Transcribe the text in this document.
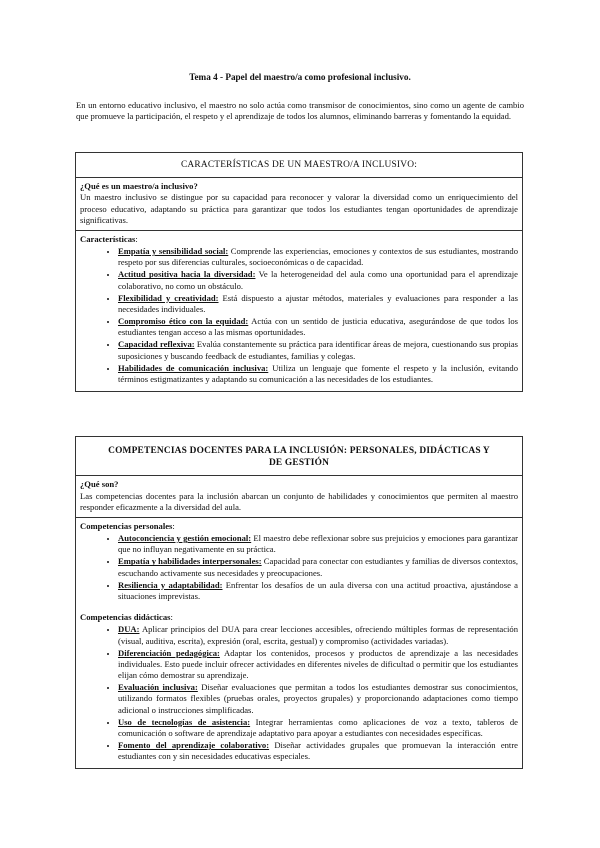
Tema 4 - Papel del maestro/a como profesional inclusivo.
En un entorno educativo inclusivo, el maestro no solo actúa como transmisor de conocimientos, sino como un agente de cambio que promueve la participación, el respeto y el aprendizaje de todos los alumnos, eliminando barreras y fomentando la equidad.
CARACTERÍSTICAS DE UN MAESTRO/A INCLUSIVO:
¿Qué es un maestro/a inclusivo?
Un maestro inclusivo se distingue por su capacidad para reconocer y valorar la diversidad como un enriquecimiento del proceso educativo, adaptando su práctica para garantizar que todos los estudiantes tengan oportunidades de aprendizaje significativas.
Características:
• Empatía y sensibilidad social: Comprende las experiencias, emociones y contextos de sus estudiantes, mostrando respeto por sus diferencias culturales, socioeconómicas o de capacidad.
• Actitud positiva hacia la diversidad: Ve la heterogeneidad del aula como una oportunidad para el aprendizaje colaborativo, no como un obstáculo.
• Flexibilidad y creatividad: Está dispuesto a ajustar métodos, materiales y evaluaciones para responder a las necesidades individuales.
• Compromiso ético con la equidad: Actúa con un sentido de justicia educativa, asegurándose de que todos los estudiantes tengan acceso a las mismas oportunidades.
• Capacidad reflexiva: Evalúa constantemente su práctica para identificar áreas de mejora, cuestionando sus propias suposiciones y buscando feedback de estudiantes, familias y colegas.
• Habilidades de comunicación inclusiva: Utiliza un lenguaje que fomente el respeto y la inclusión, evitando términos estigmatizantes y adaptando su comunicación a las necesidades de los estudiantes.
COMPETENCIAS DOCENTES PARA LA INCLUSIÓN: PERSONALES, DIDÁCTICAS Y DE GESTIÓN
¿Qué son?
Las competencias docentes para la inclusión abarcan un conjunto de habilidades y conocimientos que permiten al maestro responder eficazmente a la diversidad del aula.
Competencias personales:
• Autoconciencia y gestión emocional: El maestro debe reflexionar sobre sus prejuicios y emociones para garantizar que no influyan negativamente en su práctica.
• Empatía y habilidades interpersonales: Capacidad para conectar con estudiantes y familias de diversos contextos, escuchando activamente sus necesidades y preocupaciones.
• Resiliencia y adaptabilidad: Enfrentar los desafíos de un aula diversa con una actitud proactiva, ajustándose a situaciones imprevistas.
Competencias didácticas:
• DUA: Aplicar principios del DUA para crear lecciones accesibles, ofreciendo múltiples formas de representación (visual, auditiva, escrita), expresión (oral, escrita, gestual) y compromiso (actividades variadas).
• Diferenciación pedagógica: Adaptar los contenidos, procesos y productos de aprendizaje a las necesidades individuales. Esto puede incluir ofrecer actividades en diferentes niveles de dificultad o permitir que los estudiantes elijan cómo demostrar su aprendizaje.
• Evaluación inclusiva: Diseñar evaluaciones que permitan a todos los estudiantes demostrar sus conocimientos, utilizando formatos flexibles (pruebas orales, proyectos grupales) y proporcionando adaptaciones como tiempo adicional o instrucciones simplificadas.
• Uso de tecnologías de asistencia: Integrar herramientas como aplicaciones de voz a texto, tableros de comunicación o software de aprendizaje adaptativo para apoyar a estudiantes con necesidades específicas.
• Fomento del aprendizaje colaborativo: Diseñar actividades grupales que promuevan la interacción entre estudiantes con y sin necesidades educativas especiales.
